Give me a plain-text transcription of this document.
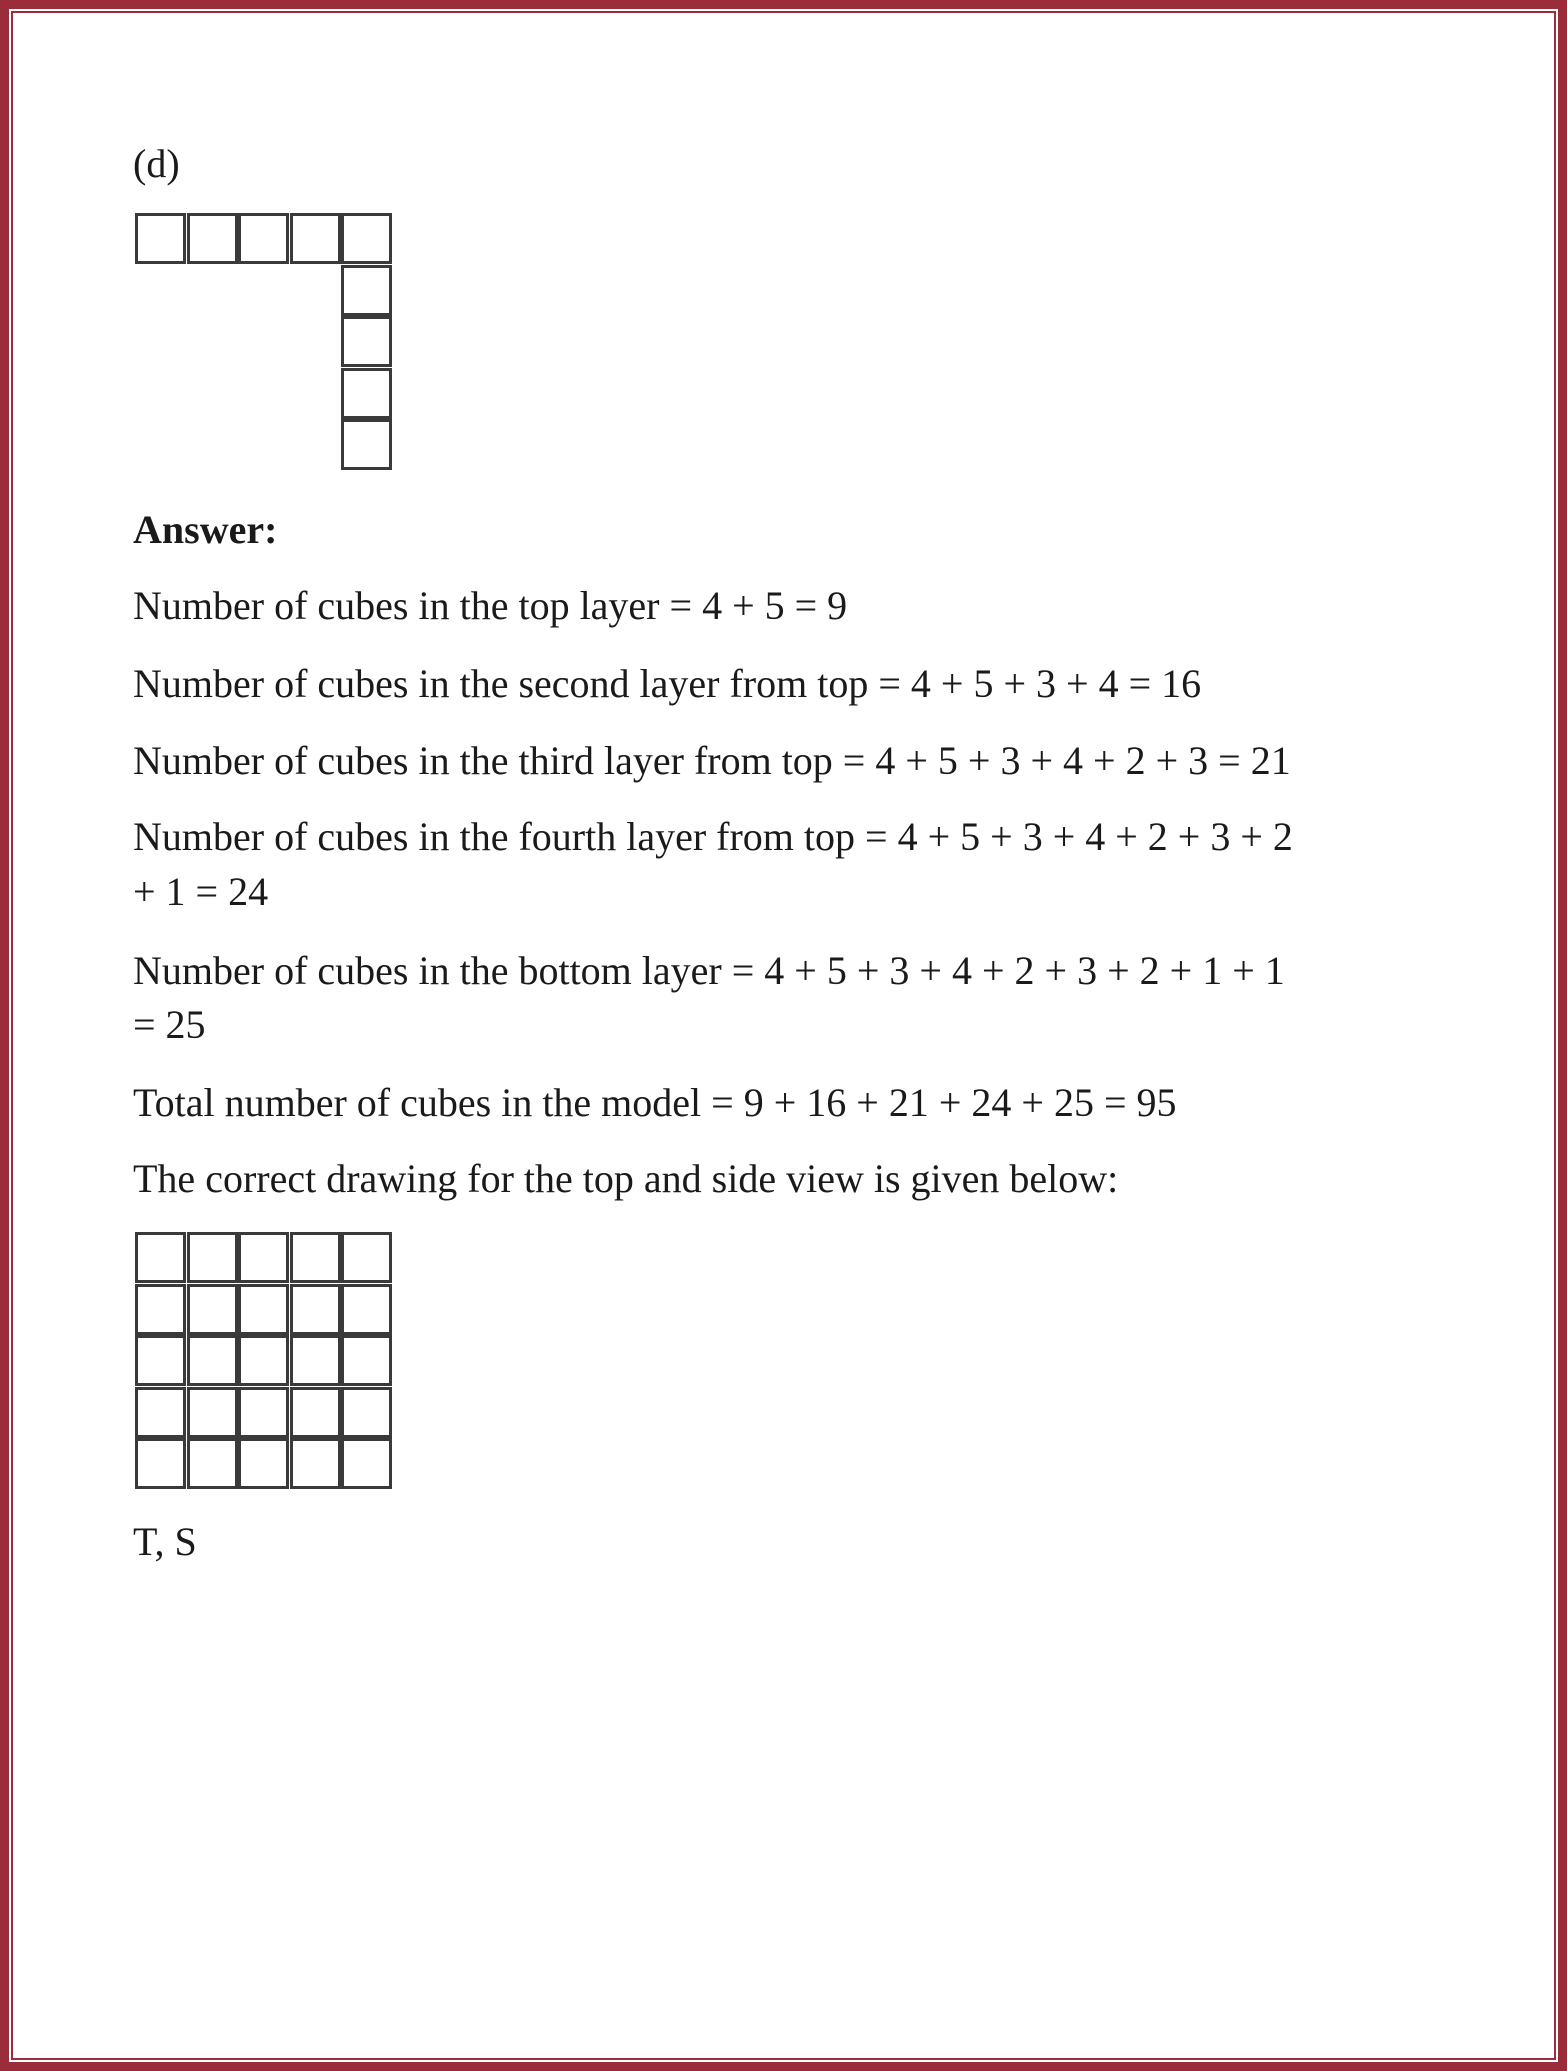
(d)
Answer:
Number of cubes in the top layer = 4 + 5 = 9
Number of cubes in the second layer from top = 4 + 5 + 3 + 4 = 16
Number of cubes in the third layer from top = 4 + 5 + 3 + 4 + 2 + 3 = 21
Number of cubes in the fourth layer from top = 4 + 5 + 3 + 4 + 2 + 3 + 2
+ 1 = 24
Number of cubes in the bottom layer = 4 + 5 + 3 + 4 + 2 + 3 + 2 + 1 + 1
= 25
Total number of cubes in the model = 9 + 16 + 21 + 24 + 25 = 95
The correct drawing for the top and side view is given below:
T, S
